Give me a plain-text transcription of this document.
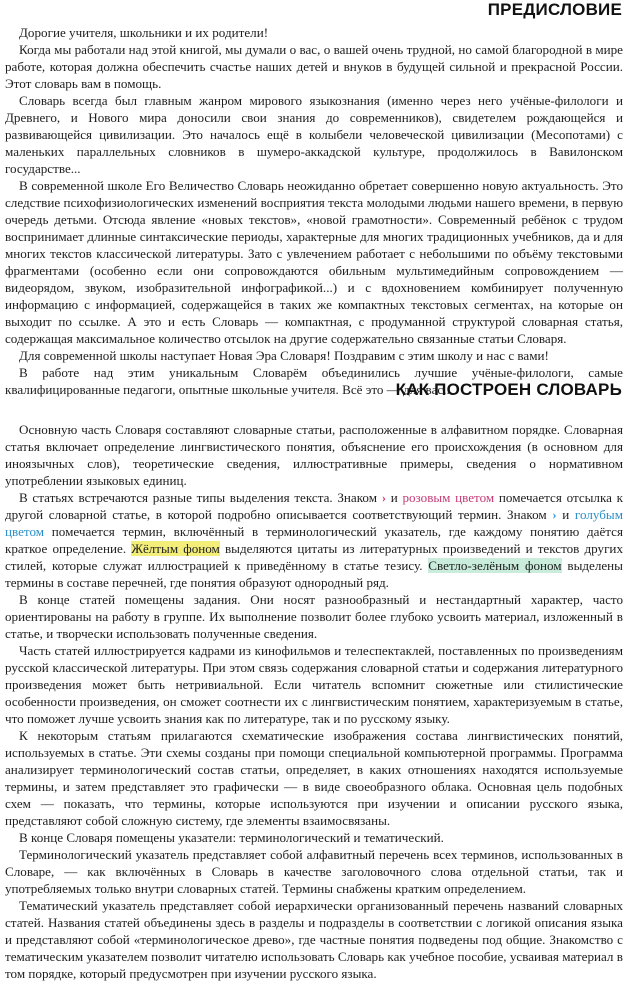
ПРЕДИСЛОВИЕ

Дорогие учителя, школьники и их родители!

Когда мы работали над этой книгой, мы думали о вас, о вашей очень трудной, но самой благородной в мире работе, которая должна обеспечить счастье наших детей и внуков в будущей сильной и прекрасной России. Этот словарь вам в помощь.

Словарь всегда был главным жанром мирового языкознания (именно через него учёные-филологи и Древнего, и Нового мира доносили свои знания до современников), свидетелем рождающейся и развивающейся цивилизации. Это началось ещё в колыбели человеческой цивилизации (Месопотами) с маленьких параллельных словников в шумеро-аккадской культуре, продолжилось в Вавилонском государстве...

В современной школе Его Величество Словарь неожиданно обретает совершенно новую актуальность. Это следствие психофизиологических изменений восприятия текста молодыми людьми нашего времени, в первую очередь детьми. Отсюда явление «новых текстов», «новой грамотности». Современный ребёнок с трудом воспринимает длинные синтаксические периоды, характерные для многих традиционных учебников, да и для многих текстов классической литературы. Зато с увлечением работает с небольшими по объёму текстовыми фрагментами (особенно если они сопровождаются обильным мультимедийным сопровождением — видеорядом, звуком, изобразительной инфографикой...) и с вдохновением комбинирует полученную информацию с информацией, содержащейся в таких же компактных текстовых сегментах, на которые он выходит по ссылке. А это и есть Словарь — компактная, с продуманной структурой словарная статья, содержащая максимальное количество отсылок на другие содержательно связанные статьи Словаря.

Для современной школы наступает Новая Эра Словаря! Поздравим с этим школу и нас с вами!

В работе над этим уникальным Словарём объединились лучшие учёные-филологи, самые квалифицированные педагоги, опытные школьные учителя. Всё это — для вас...

КАК ПОСТРОЕН СЛОВАРЬ

Основную часть Словаря составляют словарные статьи, расположенные в алфавитном порядке. Словарная статья включает определение лингвистического понятия, объяснение его происхождения (в основном для иноязычных слов), теоретические сведения, иллюстративные примеры, сведения о нормативном употреблении языковых единиц.

В статьях встречаются разные типы выделения текста. Знаком › и розовым цветом помечается отсылка к другой словарной статье, в которой подробно описывается соответствующий термин. Знаком › и голубым цветом помечается термин, включённый в терминологический указатель, где каждому понятию даётся краткое определение. Жёлтым фоном выделяются цитаты из литературных произведений и текстов других стилей, которые служат иллюстрацией к приведённому в статье тезису. Светло-зелёным фоном выделены термины в составе перечней, где понятия образуют однородный ряд.

В конце статей помещены задания. Они носят разнообразный и нестандартный характер, часто ориентированы на работу в группе. Их выполнение позволит более глубоко усвоить материал, изложенный в статье, и творчески использовать полученные сведения.

Часть статей иллюстрируется кадрами из кинофильмов и телеспектаклей, поставленных по произведениям русской классической литературы. При этом связь содержания словарной статьи и содержания литературного произведения может быть нетривиальной. Если читатель вспомнит сюжетные или стилистические особенности произведения, он сможет соотнести их с лингвистическим понятием, характеризуемым в статье, что поможет лучше усвоить знания как по литературе, так и по русскому языку.

К некоторым статьям прилагаются схематические изображения состава лингвистических понятий, используемых в статье. Эти схемы созданы при помощи специальной компьютерной программы. Программа анализирует терминологический состав статьи, определяет, в каких отношениях находятся используемые термины, и затем представляет это графически — в виде своеобразного облака. Основная цель подобных схем — показать, что термины, которые используются при изучении и описании русского языка, представляют собой сложную систему, где элементы взаимосвязаны.

В конце Словаря помещены указатели: терминологический и тематический.

Терминологический указатель представляет собой алфавитный перечень всех терминов, использованных в Словаре, — как включённых в Словарь в качестве заголовочного слова отдельной статьи, так и употребляемых только внутри словарных статей. Термины снабжены кратким определением.

Тематический указатель представляет собой иерархически организованный перечень названий словарных статей. Названия статей объединены здесь в разделы и подразделы в соответствии с логикой описания языка и представляют собой «терминологическое древо», где частные понятия подведены под общие. Знакомство с тематическим указателем позволит читателю использовать Словарь как учебное пособие, усваивая материал в том порядке, который предусмотрен при изучении русского языка.
